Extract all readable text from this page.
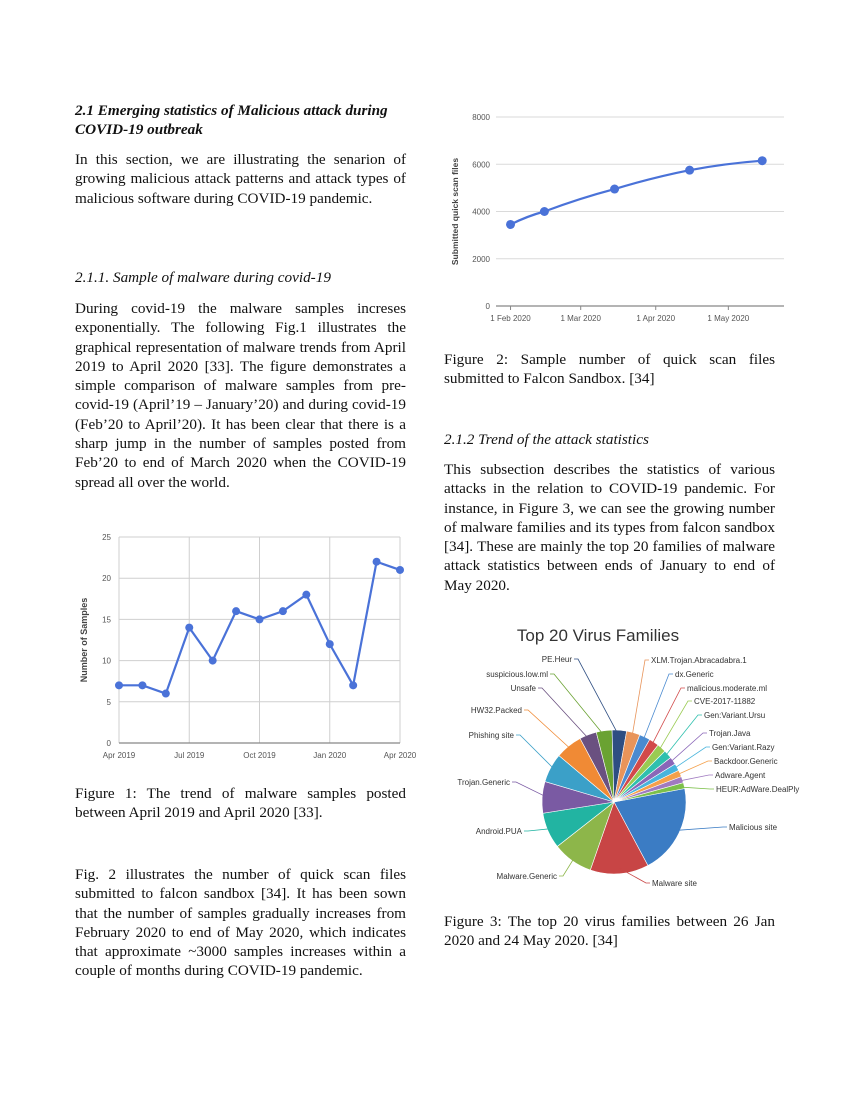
2.1 Emerging statistics of Malicious attack during COVID-19 outbreak

In this section, we are illustrating the senarion of growing malicious attack patterns and attack types of malicious software during COVID-19 pandemic.

2.1.1. Sample of malware during covid-19

During covid-19 the malware samples increses exponentially. The following Fig.1 illustrates the graphical representation of malware trends from April 2019 to April 2020 [33]. The figure demonstrates a simple comparison of malware samples from pre-covid-19 (April’19 – January’20) and during covid-19 (Feb’20 to April’20). It has been clear that there is a sharp jump in the number of samples posted from Feb’20 to end of March 2020 when the COVID-19 spread all over the world.

0
5
10
15
20
25
Apr 2019	Jul 2019	Oct 2019	Jan 2020	Apr 2020
Number of Samples

Figure 1: The trend of malware samples posted between April 2019 and April 2020 [33].

Fig. 2 illustrates the number of quick scan files submitted to falcon sandbox [34]. It has been sown that the number of samples gradually increases from February 2020 to end of May 2020, which indicates that approximate ~3000 samples increases within a couple of months during COVID-19 pandemic.

0
2000
4000
6000
8000
1 Feb 2020	1 Mar 2020	1 Apr 2020	1 May 2020
Submitted quick scan files

Figure 2: Sample number of quick scan files submitted to Falcon Sandbox. [34]

2.1.2 Trend of the attack statistics

This subsection describes the statistics of various attacks in the relation to COVID-19 pandemic. For instance, in Figure 3, we can see the growing number of malware families and its types from falcon sandbox [34]. These are mainly the top 20 families of malware attack statistics between ends of January to end of May 2020.

Top 20 Virus Families
Malicious site
Malware site
Malware.Generic
Android.PUA
Trojan.Generic
Phishing site
HW32.Packed
Unsafe
suspicious.low.ml
PE.Heur	XLM.Trojan.Abracadabra.1
dx.Generic
malicious.moderate.ml
CVE-2017-11882
Gen:Variant.Ursu
Trojan.Java
Gen:Variant.Razy
Backdoor.Generic
Adware.Agent
HEUR:AdWare.DealPly

Figure 3: The top 20 virus families between 26 Jan 2020 and 24 May 2020. [34]
